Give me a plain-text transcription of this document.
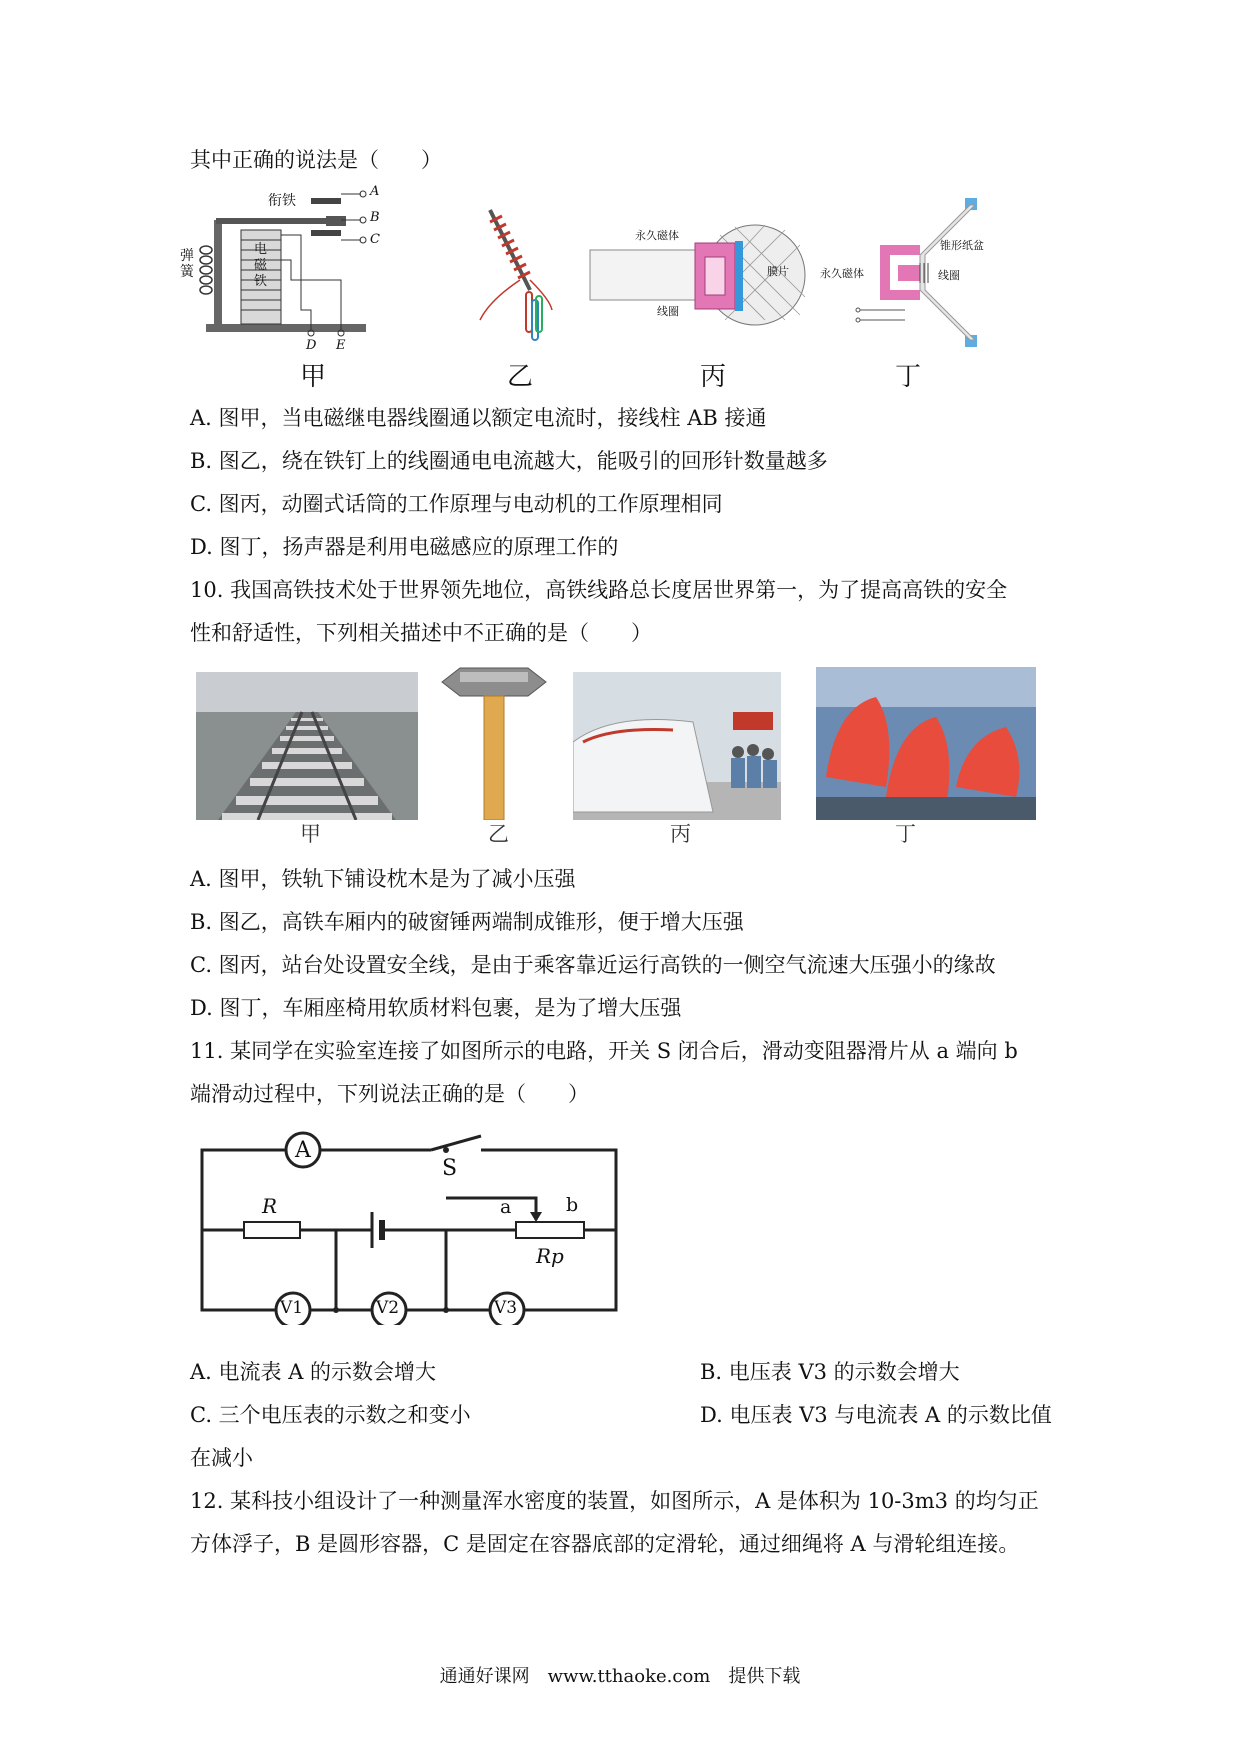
其中正确的说法是（　　）
衔铁
弹簧
电磁铁
A
B
C
D E
甲	乙
永久磁体
膜片
线圈
丙
锥形纸盆
永久磁体	线圈
丁
A. 图甲，当电磁继电器线圈通以额定电流时，接线柱 AB 接通
B. 图乙，绕在铁钉上的线圈通电电流越大，能吸引的回形针数量越多
C. 图丙，动圈式话筒的工作原理与电动机的工作原理相同
D. 图丁，扬声器是利用电磁感应的原理工作的
10. 我国高铁技术处于世界领先地位，高铁线路总长度居世界第一，为了提高高铁的安全
性和舒适性，下列相关描述中不正确的是（　　）
甲	乙	丙	丁
A. 图甲，铁轨下铺设枕木是为了减小压强
B. 图乙，高铁车厢内的破窗锤两端制成锥形，便于增大压强
C. 图丙，站台处设置安全线，是由于乘客靠近运行高铁的一侧空气流速大压强小的缘故
D. 图丁，车厢座椅用软质材料包裹，是为了增大压强
11. 某同学在实验室连接了如图所示的电路，开关 S 闭合后，滑动变阻器滑片从 a 端向 b
端滑动过程中，下列说法正确的是（　　）
A
S
R	a	b
Rp
V1	V2	V3
A. 电流表 A 的示数会增大	B. 电压表 V3 的示数会增大
C. 三个电压表的示数之和变小	D. 电压表 V3 与电流表 A 的示数比值
在减小
12. 某科技小组设计了一种测量浑水密度的装置，如图所示，A 是体积为 10-3m3 的均匀正
方体浮子，B 是圆形容器，C 是固定在容器底部的定滑轮，通过细绳将 A 与滑轮组连接。
通通好课网　www.tthaoke.com　提供下载
